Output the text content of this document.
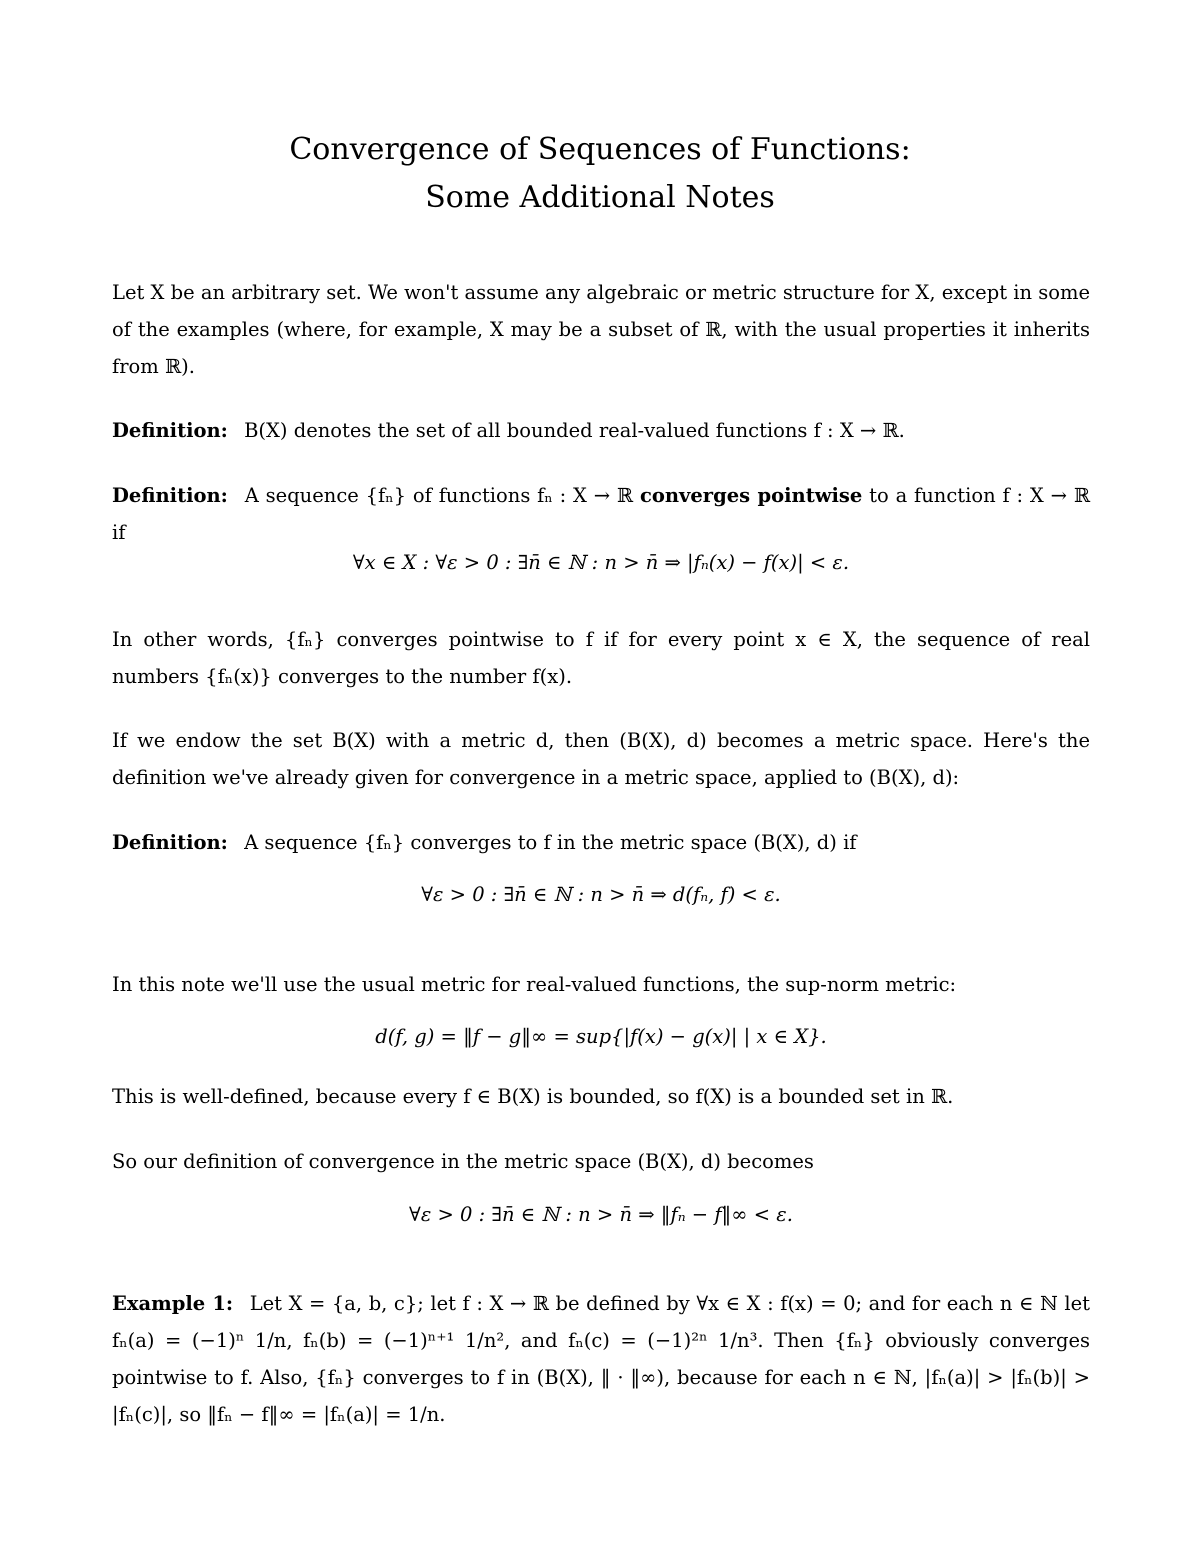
Convergence of Sequences of Functions:
Some Additional Notes
Let X be an arbitrary set. We won't assume any algebraic or metric structure for X, except in some of the examples (where, for example, X may be a subset of ℝ, with the usual properties it inherits from ℝ).
Definition: B(X) denotes the set of all bounded real-valued functions f : X → ℝ.
Definition: A sequence {fₙ} of functions fₙ : X → ℝ converges pointwise to a function f : X → ℝ if
∀x ∈ X : ∀ε > 0 : ∃n̄ ∈ ℕ : n > n̄ ⇒ |fₙ(x) − f(x)| < ε.
In other words, {fₙ} converges pointwise to f if for every point x ∈ X, the sequence of real numbers {fₙ(x)} converges to the number f(x).
If we endow the set B(X) with a metric d, then (B(X), d) becomes a metric space. Here's the definition we've already given for convergence in a metric space, applied to (B(X), d):
Definition: A sequence {fₙ} converges to f in the metric space (B(X), d) if
∀ε > 0 : ∃n̄ ∈ ℕ : n > n̄ ⇒ d(fₙ, f) < ε.
In this note we'll use the usual metric for real-valued functions, the sup-norm metric:
d(f, g) = ‖f − g‖∞ = sup{|f(x) − g(x)| | x ∈ X}.
This is well-defined, because every f ∈ B(X) is bounded, so f(X) is a bounded set in ℝ.
So our definition of convergence in the metric space (B(X), d) becomes
∀ε > 0 : ∃n̄ ∈ ℕ : n > n̄ ⇒ ‖fₙ − f‖∞ < ε.
Example 1: Let X = {a, b, c}; let f : X → ℝ be defined by ∀x ∈ X : f(x) = 0; and for each n ∈ ℕ let fₙ(a) = (−1)ⁿ 1/n, fₙ(b) = (−1)ⁿ⁺¹ 1/n², and fₙ(c) = (−1)²ⁿ 1/n³. Then {fₙ} obviously converges pointwise to f. Also, {fₙ} converges to f in (B(X), ‖ · ‖∞), because for each n ∈ ℕ, |fₙ(a)| > |fₙ(b)| > |fₙ(c)|, so ‖fₙ − f‖∞ = |fₙ(a)| = 1/n.
